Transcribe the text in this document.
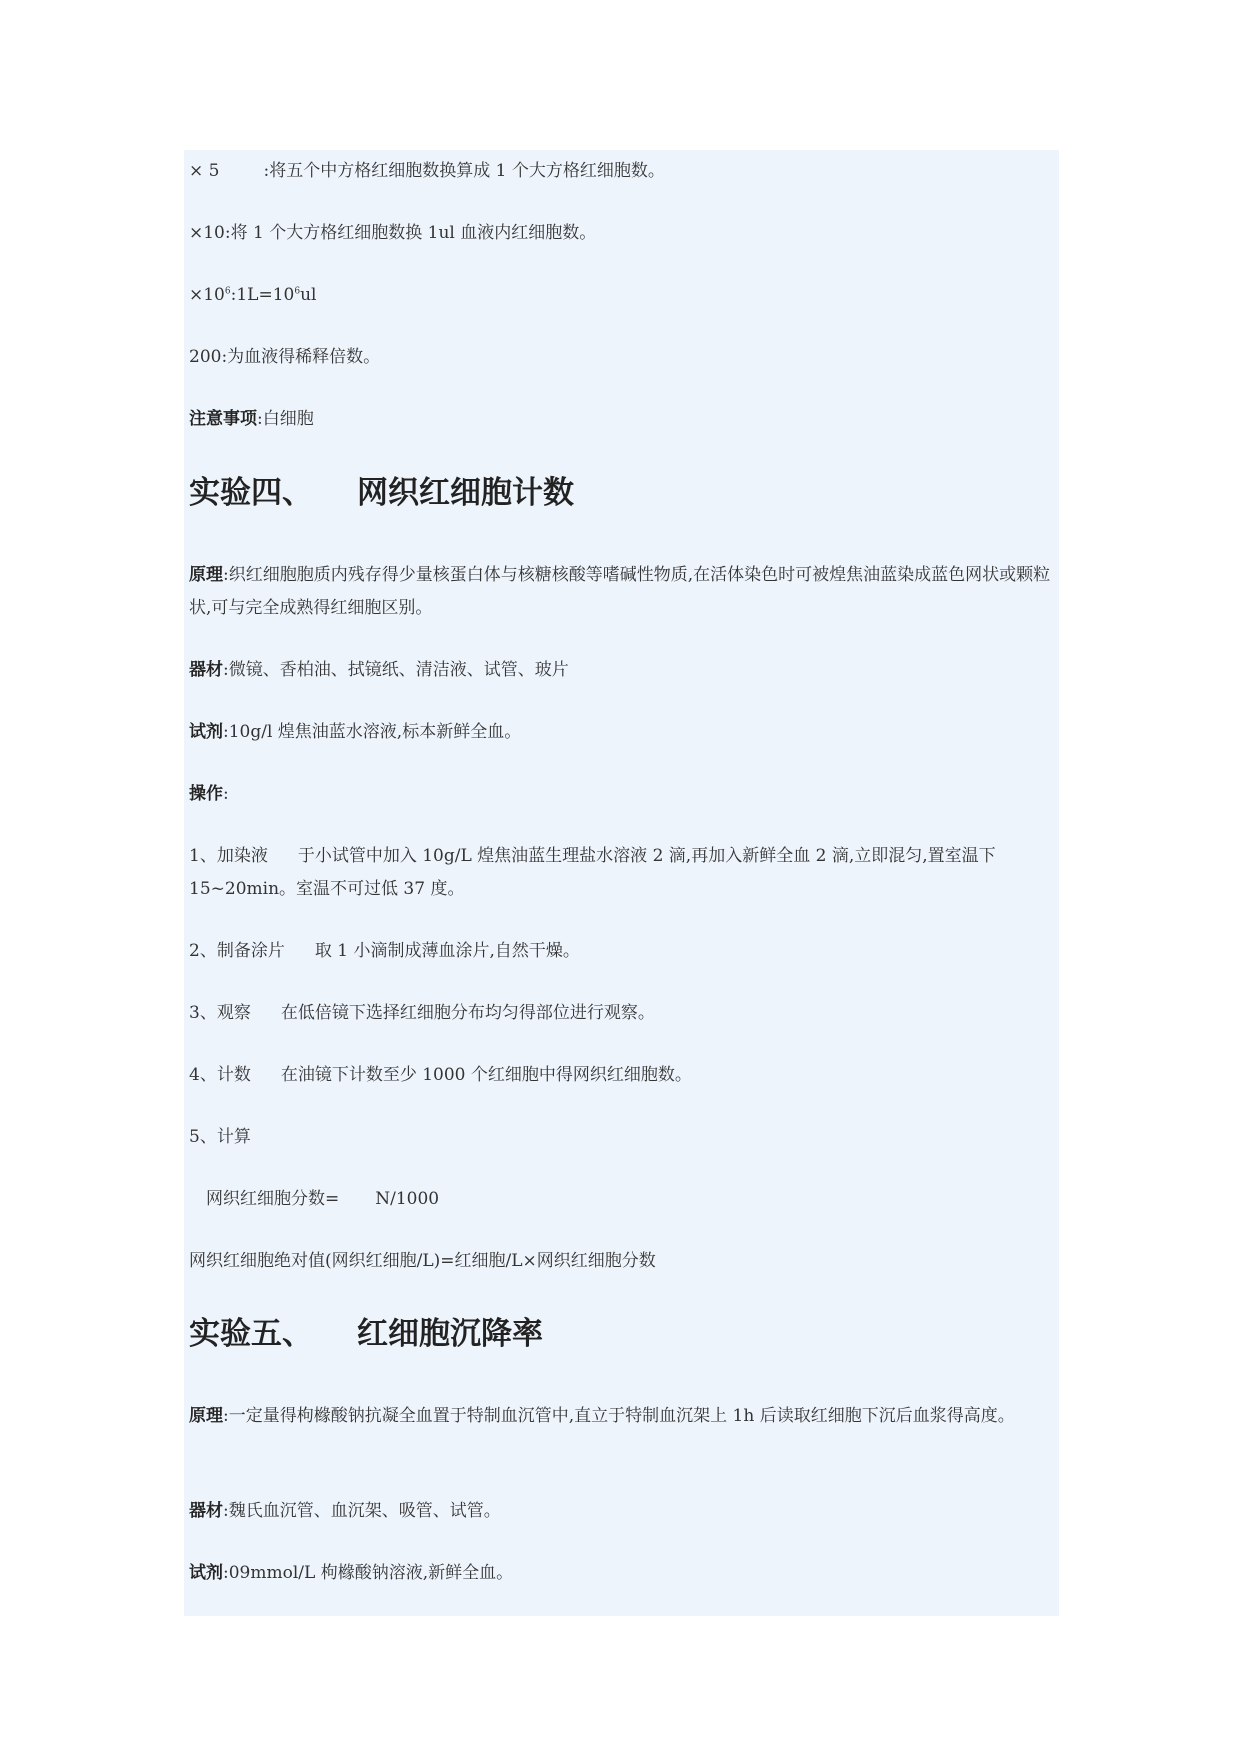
× 5	:将五个中方格红细胞数换算成 1 个大方格红细胞数。
×10:将 1 个大方格红细胞数换 1ul 血液内红细胞数。
$\times 10^6:1L=10^6ul$
200:为血液得稀释倍数。
注意事项:白细胞
实验四、 网织红细胞计数
原理:织红细胞胞质内残存得少量核蛋白体与核糖核酸等嗜碱性物质,在活体染色时可被煌焦油蓝染成蓝色网状或颗粒状,可与完全成熟得红细胞区别。
器材:微镜、香柏油、拭镜纸、清洁液、试管、玻片
试剂:10g/l 煌焦油蓝水溶液,标本新鲜全血。
操作:
1、加染液 于小试管中加入 10g/L 煌焦油蓝生理盐水溶液 2 滴,再加入新鲜全血 2 滴,立即混匀,置室温下15~20min。室温不可过低 37 度。
2、制备涂片 取 1 小滴制成薄血涂片,自然干燥。
3、观察 在低倍镜下选择红细胞分布均匀得部位进行观察。
4、计数 在油镜下计数至少 1000 个红细胞中得网织红细胞数。
5、计算
网织红细胞分数= N/1000
网织红细胞绝对值(网织红细胞/L)=红细胞/L×网织红细胞分数
实验五、 红细胞沉降率
原理:一定量得枸橼酸钠抗凝全血置于特制血沉管中,直立于特制血沉架上 1h 后读取红细胞下沉后血浆得高度。
器材:魏氏血沉管、血沉架、吸管、试管。
试剂:09mmol/L 枸橼酸钠溶液,新鲜全血。
